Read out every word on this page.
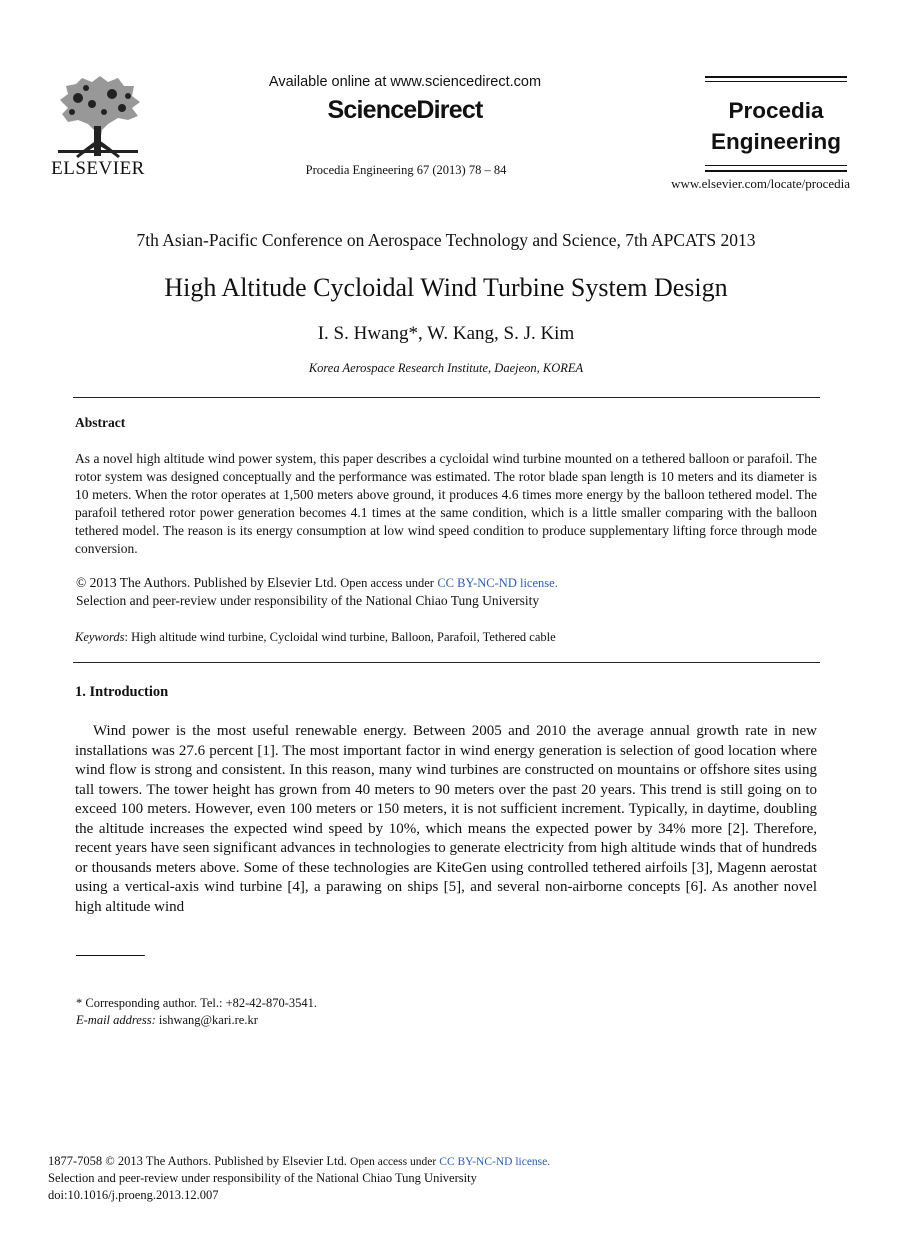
ELSEVIER
Available online at www.sciencedirect.com
ScienceDirect
Procedia Engineering 67 (2013) 78 – 84
Procedia
Engineering
www.elsevier.com/locate/procedia
7th Asian-Pacific Conference on Aerospace Technology and Science, 7th APCATS 2013
High Altitude Cycloidal Wind Turbine System Design
I. S. Hwang*, W. Kang, S. J. Kim
Korea Aerospace Research Institute, Daejeon, KOREA
Abstract
As a novel high altitude wind power system, this paper describes a cycloidal wind turbine mounted on a tethered balloon or parafoil. The rotor system was designed conceptually and the performance was estimated. The rotor blade span length is 10 meters and its diameter is 10 meters. When the rotor operates at 1,500 meters above ground, it produces 4.6 times more energy by the balloon tethered model. The parafoil tethered rotor power generation becomes 4.1 times at the same condition, which is a little smaller comparing with the balloon tethered model. The reason is its energy consumption at low wind speed condition to produce supplementary lifting force through mode conversion.
© 2013 The Authors. Published by Elsevier Ltd. Open access under CC BY-NC-ND license.
Selection and peer-review under responsibility of the National Chiao Tung University
Keywords: High altitude wind turbine, Cycloidal wind turbine, Balloon, Parafoil, Tethered cable
1. Introduction
Wind power is the most useful renewable energy. Between 2005 and 2010 the average annual growth rate in new installations was 27.6 percent [1]. The most important factor in wind energy generation is selection of good location where wind flow is strong and consistent. In this reason, many wind turbines are constructed on mountains or offshore sites using tall towers. The tower height has grown from 40 meters to 90 meters over the past 20 years. This trend is still going on to exceed 100 meters. However, even 100 meters or 150 meters, it is not sufficient increment. Typically, in daytime, doubling the altitude increases the expected wind speed by 10%, which means the expected power by 34% more [2]. Therefore, recent years have seen significant advances in technologies to generate electricity from high altitude winds that of hundreds or thousands meters above. Some of these technologies are KiteGen using controlled tethered airfoils [3], Magenn aerostat using a vertical-axis wind turbine [4], a parawing on ships [5], and several non-airborne concepts [6]. As another novel high altitude wind
* Corresponding author. Tel.: +82-42-870-3541.
E-mail address: ishwang@kari.re.kr
1877-7058 © 2013 The Authors. Published by Elsevier Ltd. Open access under CC BY-NC-ND license.
Selection and peer-review under responsibility of the National Chiao Tung University
doi:10.1016/j.proeng.2013.12.007
